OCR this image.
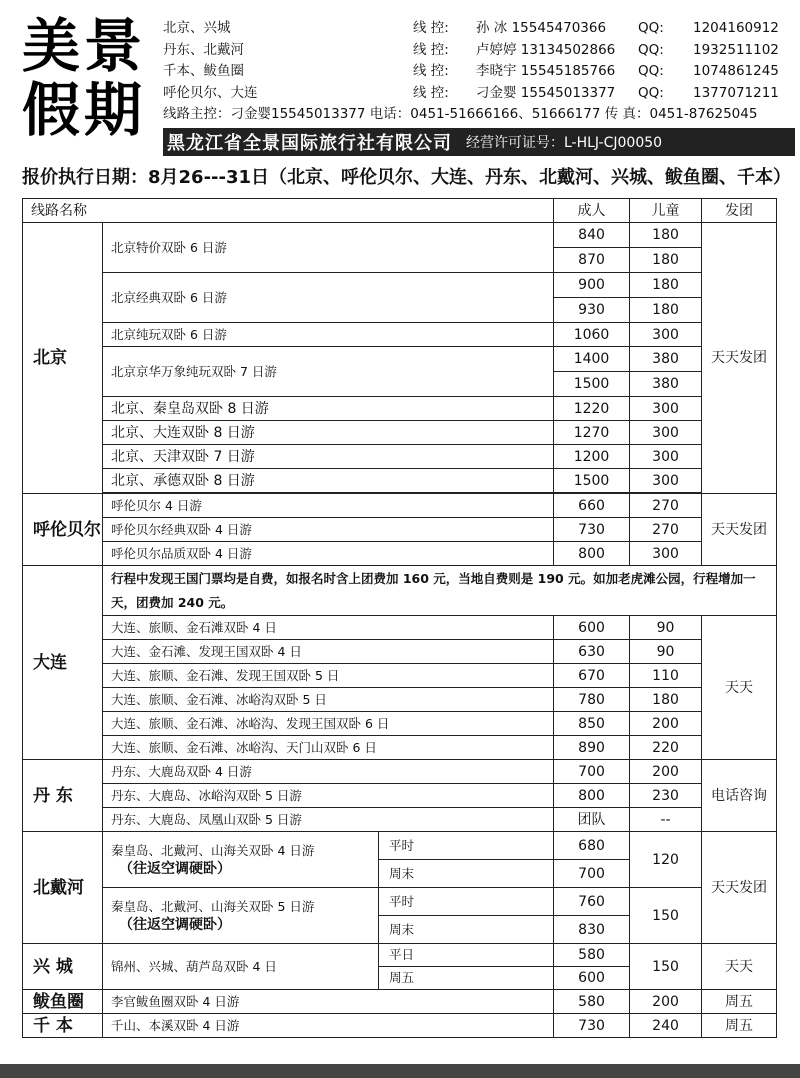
美景假期
北京、兴城	线 控: 孙 冰 15545470366 QQ: 1204160912
丹东、北戴河	线 控: 卢婷婷 13134502866 QQ: 1932511102
千本、鲅鱼圈	线 控: 李晓宇 15545185766 QQ: 1074861245
呼伦贝尔、大连	线 控: 刁金婴 15545013377 QQ: 1377071211
线路主控：刁金婴15545013377 电话：0451-51666166、51666177 传 真：0451-87625045
黑龙江省全景国际旅行社有限公司 经营许可证号：L-HLJ-CJ00050
报价执行日期：8月26---31日（北京、呼伦贝尔、大连、丹东、北戴河、兴城、鲅鱼圈、千本）
线路名称			成人	儿童	发团
北京	北京特价双卧 6 日游		840	180	天天发团
			870	180	
	北京经典双卧 6 日游		900	180	
			930	180	
	北京纯玩双卧 6 日游		1060	300	
	北京京华万象纯玩双卧 7 日游		1400	380	
			1500	380	
	北京、秦皇岛双卧 8 日游		1220	300	
	北京、大连双卧 8 日游		1270	300	
	北京、天津双卧 7 日游		1200	300	
	北京、承德双卧 8 日游		1500	300	

呼伦贝尔	呼伦贝尔 4 日游		660	270	天天发团
	呼伦贝尔经典双卧 4 日游		730	270	
	呼伦贝尔品质双卧 4 日游		800	300	
大连	行程中发现王国门票均是自费，如报名时含上团费加 160 元，当地自费则是 190 元。如加老虎滩公园，行程增加一天，团费加 240 元。				
	大连、旅顺、金石滩双卧 4 日		600	90	天天
	大连、金石滩、发现王国双卧 4 日		630	90	
	大连、旅顺、金石滩、发现王国双卧 5 日		670	110	
	大连、旅顺、金石滩、冰峪沟双卧 5 日		780	180	
	大连、旅顺、金石滩、冰峪沟、发现王国双卧 6 日		850	200	
	大连、旅顺、金石滩、冰峪沟、天门山双卧 6 日		890	220	
丹 东	丹东、大鹿岛双卧 4 日游		700	200	电话咨询
	丹东、大鹿岛、冰峪沟双卧 5 日游		800	230	
	丹东、大鹿岛、凤凰山双卧 5 日游		团队	--	
北戴河	秦皇岛、北戴河、山海关双卧 4 日游
（往返空调硬卧）	平时	680	120	天天发团
		周末	700		
	秦皇岛、北戴河、山海关双卧 5 日游
（往返空调硬卧）	平时	760	150	
		周末	830		
兴 城	锦州、兴城、葫芦岛双卧 4 日	平日	580	150	天天
		周五	600		
鲅鱼圈	李官鲅鱼圈双卧 4 日游		580	200	周五
千 本	千山、本溪双卧 4 日游		730	240	周五
